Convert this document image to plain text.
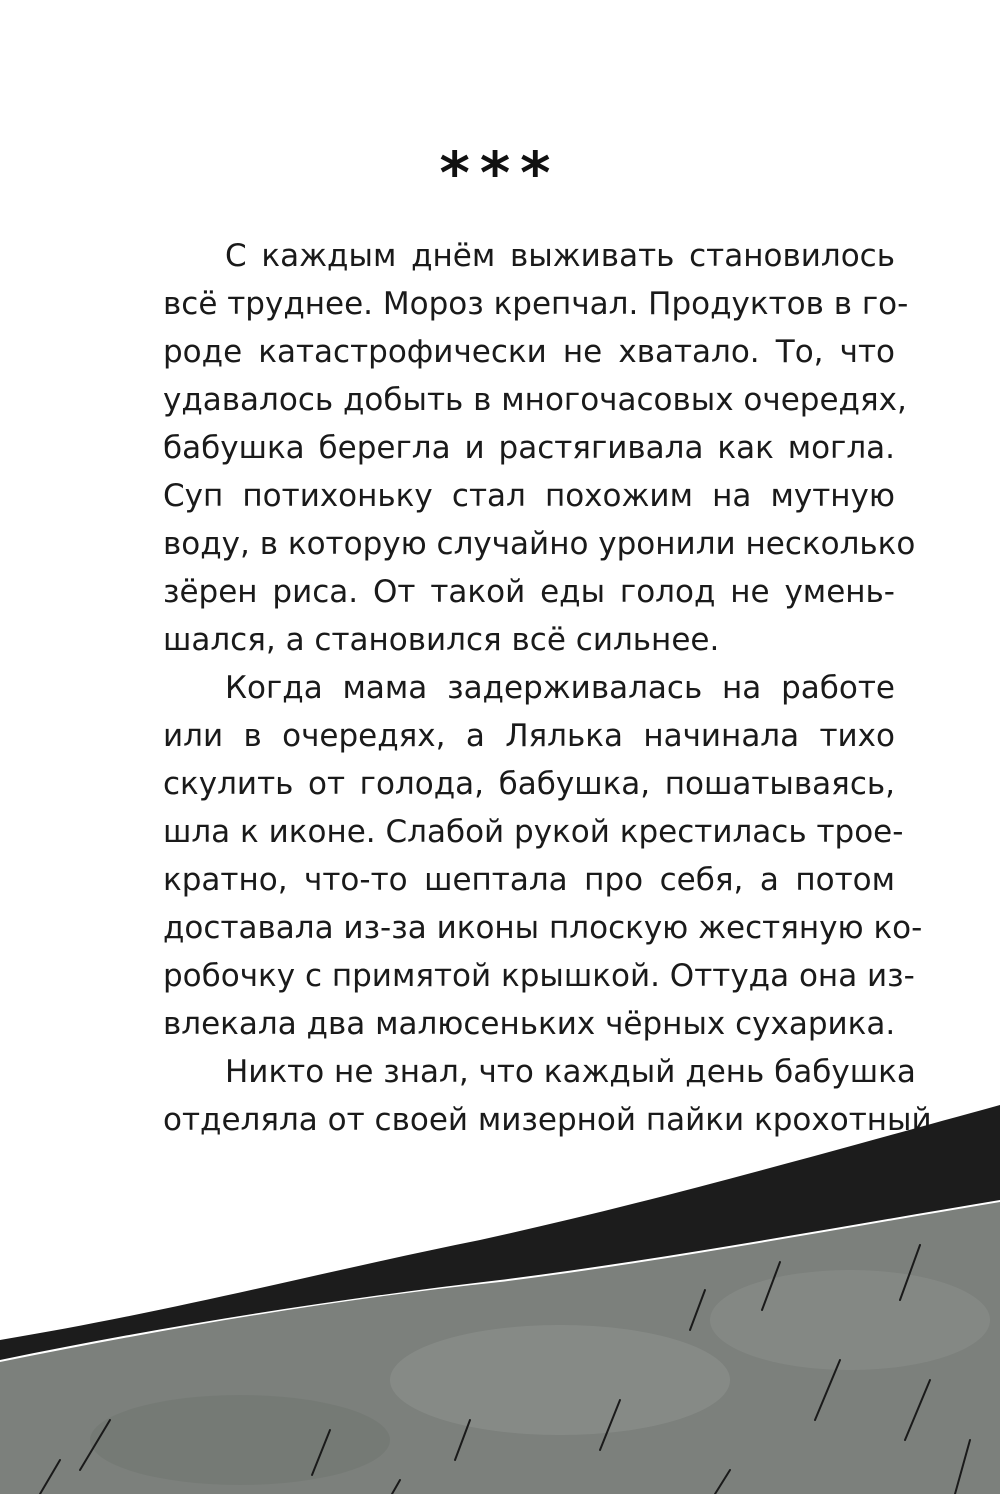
***
С каждым днём выживать становилось
всё труднее. Мороз крепчал. Продуктов в го-
роде катастрофически не хватало. То, что
удавалось добыть в многочасовых очередях,
бабушка берегла и растягивала как могла.
Суп потихоньку стал похожим на мутную
воду, в которую случайно уронили несколько
зёрен риса. От такой еды голод не умень-
шался, а становился всё сильнее.
Когда мама задерживалась на работе
или в очередях, а Лялька начинала тихо
скулить от голода, бабушка, пошатываясь,
шла к иконе. Слабой рукой крестилась трое-
кратно, что-то шептала про себя, а потом
доставала из-за иконы плоскую жестяную ко-
робочку с примятой крышкой. Оттуда она из-
влекала два малюсеньких чёрных сухарика.
Никто не знал, что каждый день бабушка
отделяла от своей мизерной пайки крохотный
